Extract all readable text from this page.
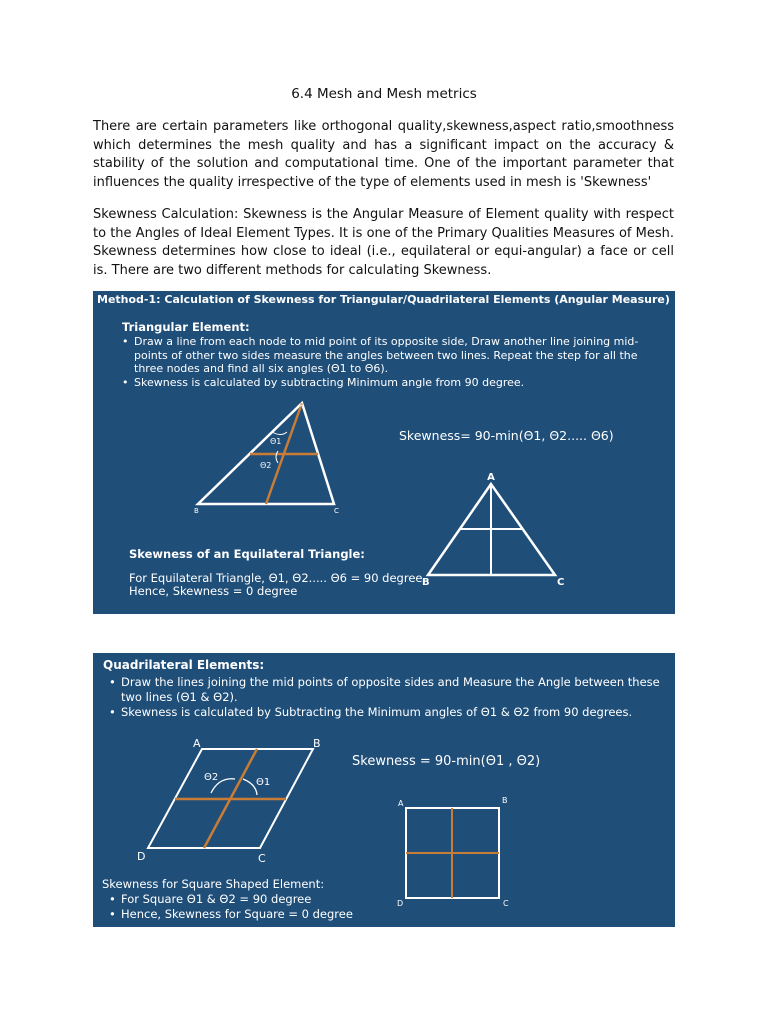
6.4 Mesh and Mesh metrics
There are certain parameters like orthogonal quality,skewness,aspect ratio,smoothness which determines the mesh quality and has a significant impact on the accuracy & stability of the solution and computational time. One of the important parameter that influences the quality irrespective of the type of elements used in mesh is 'Skewness'
Skewness Calculation: Skewness is the Angular Measure of Element quality with respect to the Angles of Ideal Element Types. It is one of the Primary Qualities Measures of Mesh. Skewness determines how close to ideal (i.e., equilateral or equi-angular) a face or cell is. There are two different methods for calculating Skewness.
Method-1: Calculation of Skewness for Triangular/Quadrilateral Elements (Angular Measure)
Triangular Element:
• Draw a line from each node to mid point of its opposite side, Draw another line joining mid-points of other two sides measure the angles between two lines. Repeat the step for all the three nodes and find all six angles (Θ1 to Θ6).
• Skewness is calculated by subtracting Minimum angle from 90 degree.
A
B	C
Θ1
Θ2
A
B	C
Skewness= 90-min(Θ1, Θ2..... Θ6)
Skewness of an Equilateral Triangle:
For Equilateral Triangle, Θ1, Θ2..... Θ6 = 90 degree
Hence, Skewness = 0 degree
Quadrilateral Elements:
• Draw the lines joining the mid points of opposite sides and Measure the Angle between these two lines (Θ1 & Θ2).
• Skewness is calculated by Subtracting the Minimum angles of Θ1 & Θ2 from 90 degrees.
A	B
C
D
Θ2	Θ1
A	B
C
D
Skewness = 90-min(Θ1 , Θ2)
Skewness for Square Shaped Element:
• For Square Θ1 & Θ2 = 90 degree
• Hence, Skewness for Square = 0 degree
